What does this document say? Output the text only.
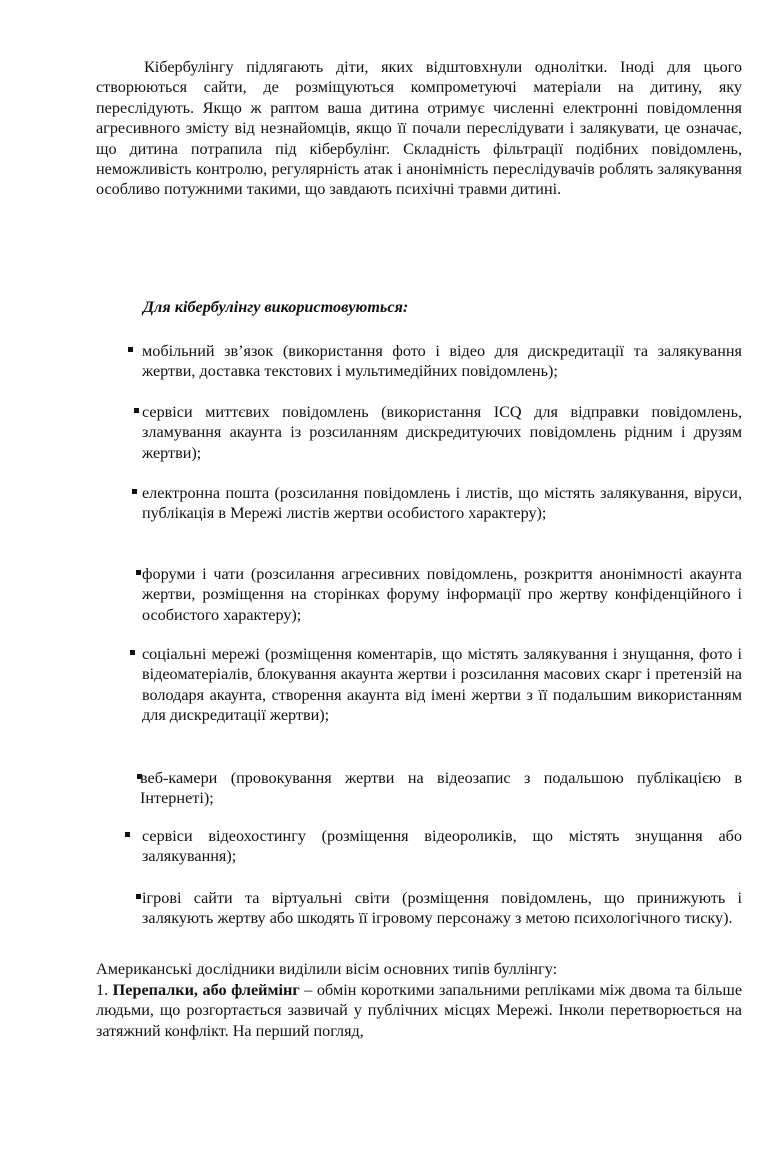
Кібербулінгу підлягають діти, яких відштовхнули однолітки. Іноді для цього створюються сайти, де розміщуються компрометуючі матеріали на дитину, яку переслідують. Якщо ж раптом ваша дитина отримує численні електронні повідомлення агресивного змісту від незнайомців, якщо її почали переслідувати і залякувати, це означає, що дитина потрапила під кібербулінг. Складність фільтрації подібних повідомлень, неможливість контролю, регулярність атак і анонімність переслідувачів роблять залякування особливо потужними такими, що завдають психічні травми дитині.

Для кібербулінгу використовуються:

мобільний зв’язок (використання фото і відео для дискредитації та залякування жертви, доставка текстових і мультимедійних повідомлень);

сервіси миттєвих повідомлень (використання ICQ для відправки повідомлень, зламування акаунта із розсиланням дискредитуючих повідомлень рідним і друзям жертви);

електронна пошта (розсилання повідомлень і листів, що містять залякування, віруси, публікація в Мережі листів жертви особистого характеру);

форуми і чати (розсилання агресивних повідомлень, розкриття анонімності акаунта жертви, розміщення на сторінках форуму інформації про жертву конфіденційного і особистого характеру);

соціальні мережі (розміщення коментарів, що містять залякування і знущання, фото і відеоматеріалів, блокування акаунта жертви і розсилання масових скарг і претензій на володаря акаунта, створення акаунта від імені жертви з її подальшим використанням для дискредитації жертви);

веб-камери (провокування жертви на відеозапис з подальшою публікацією в Інтернеті);

сервіси відеохостингу (розміщення відеороликів, що містять знущання або залякування);

ігрові сайти та віртуальні світи (розміщення повідомлень, що принижують і залякують жертву або шкодять її ігровому персонажу з метою психологічного тиску).

Американські дослідники виділили вісім основних типів буллінгу:

1. Перепалки, або флеймінг – обмін короткими запальними репліками між двома та більше людьми, що розгортається зазвичай у публічних місцях Мережі. Інколи перетворюється на затяжний конфлікт. На перший погляд,
